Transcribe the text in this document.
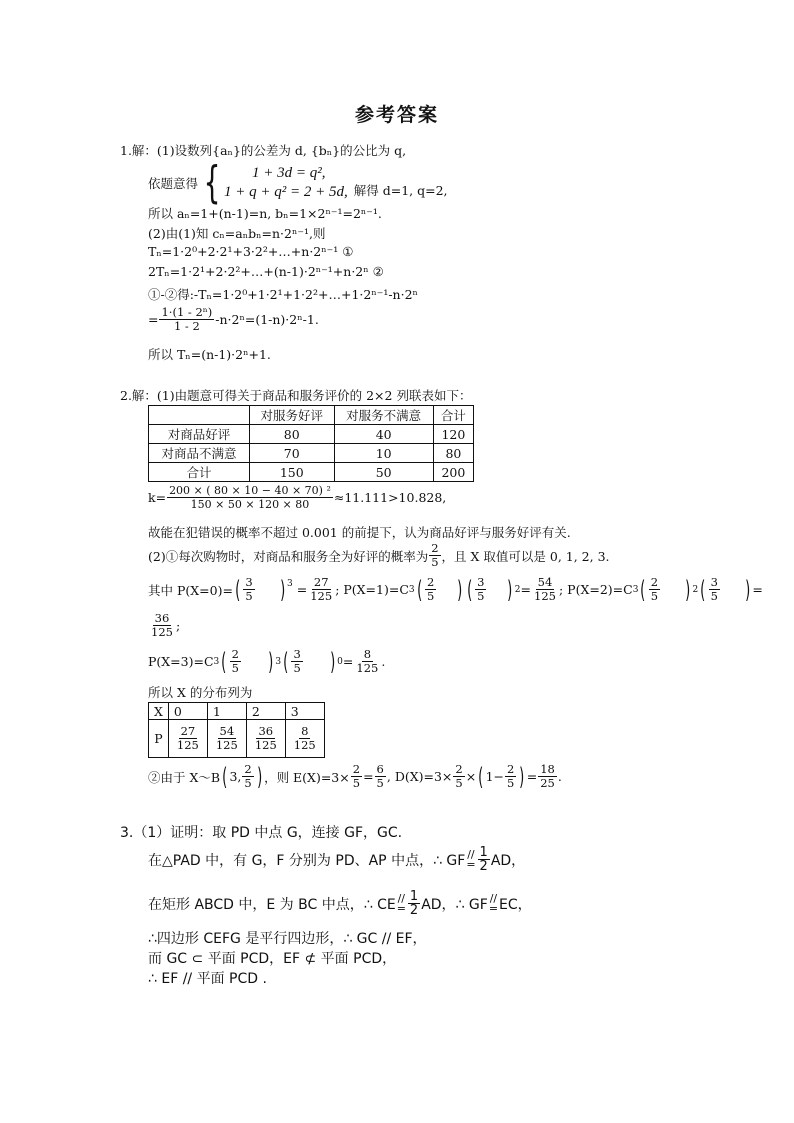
参考答案
1.解：(1)设数列{aₙ}的公差为 d, {bₙ}的公比为 q,
依题意得 {	1 + 3d = q²,
1 + q + q² = 2 + 5d, 解得 d=1, q=2,
所以 aₙ=1+(n-1)=n, bₙ=1×2ⁿ⁻¹=2ⁿ⁻¹.
(2)由(1)知 cₙ=aₙbₙ=n·2ⁿ⁻¹,则
Tₙ=1·2⁰+2·2¹+3·2²+…+n·2ⁿ⁻¹ ①
2Tₙ=1·2¹+2·2²+…+(n-1)·2ⁿ⁻¹+n·2ⁿ ②
①-②得:-Tₙ=1·2⁰+1·2¹+1·2²+…+1·2ⁿ⁻¹-n·2ⁿ
= $\frac{\text{1·(1 - 2ⁿ)}}{1 - 2} -n\cdot 2^n=(1-n)\cdot 2^n-1$.
所以 Tₙ=(n-1)·2ⁿ+1.
2.解：(1)由题意可得关于商品和服务评价的 2×2 列联表如下：
	对服务好评	对服务不满意	合计
对商品好评	80	40	120
对商品不满意	70	10	80
合计	150	50	200
$k= \frac{\text{200 × ( 80 × 10 − 40 × 70) ²}}{150 \times 50 \times 120 \times 80} \approx 11.111>10.828$,
故能在犯错误的概率不超过 0.001 的前提下，认为商品好评与服务好评有关.
(2)①每次购物时，对商品和服务全为好评的概率为 $\frac{2}{5}$ ，且 X 取值可以是 0, 1, 2, 3.
其中 P(X=0)= ( $\frac{3}{5} )^3 = \frac{27}{125}$ ; P(X=1)=C 3 ( $\frac{2}{5}$ ) ( $\frac{3}{5}$ ) $2 = \frac{54}{125}$ ; P(X=2)=C 3 ( $\frac{2}{5}$ ) 2 ( $\frac{3}{5}$ ) =
$\frac{36}{125}$ ;
P(X=3)=C 3 ( $\frac{2}{5}$ ) 3 ( $\frac{3}{5}$ ) $0 = \frac{8}{125}$ .
所以 X 的分布列为
X	0	1	2	3
P	$\frac{27}{125}$	$\frac{54}{125}$	$\frac{36}{125}$	$\frac{8}{125}$
②由于 X～B ( 3, $\frac{2}{5}$ ) ，则 $E(X)=3\times \frac{2}{5} = \frac{6}{5}$ , $D(X)=3\times \frac{2}{5}$ × ( $1- \frac{2}{5}$ ) = $\frac{18}{25}$ .
3.（1）证明：取 PD 中点 G，连接 GF，GC.
在△PAD 中，有 G，F 分别为 PD、AP 中点，∴ GF //
= $\frac{1}{2}$ AD，
在矩形 ABCD 中，E 为 BC 中点，∴ CE //
= $\frac{1}{2}$ AD，∴ GF //
= EC，
∴四边形 CEFG 是平行四边形，∴ GC // EF，
而 GC ⊂ 平面 PCD，EF ⊄ 平面 PCD，
∴ EF // 平面 PCD .
